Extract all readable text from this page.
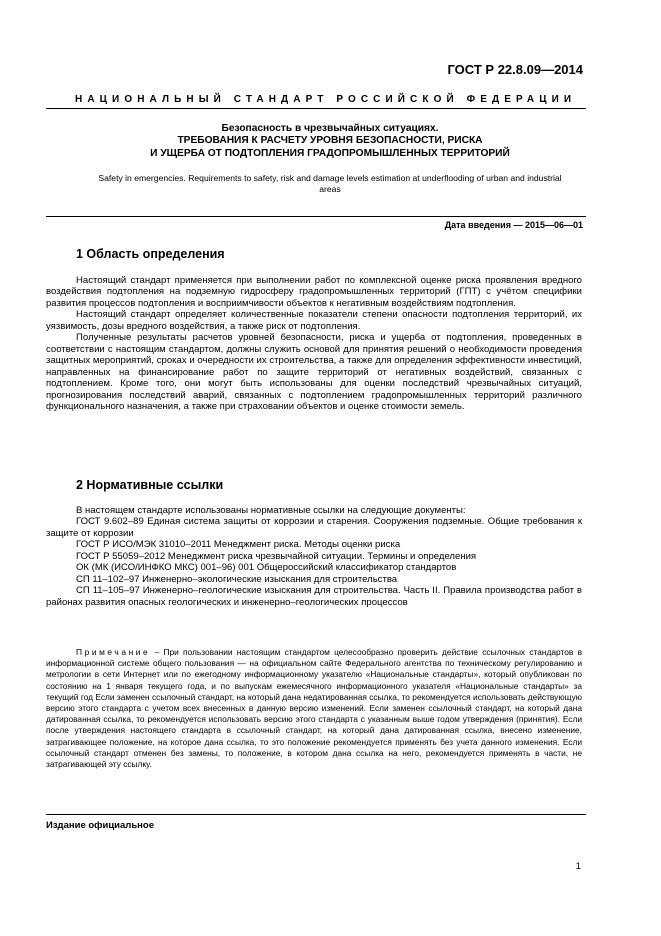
ГОСТ Р 22.8.09—2014
НАЦИОНАЛЬНЫЙ СТАНДАРТ РОССИЙСКОЙ ФЕДЕРАЦИИ
Безопасность в чрезвычайных ситуациях.
ТРЕБОВАНИЯ К РАСЧЕТУ УРОВНЯ БЕЗОПАСНОСТИ, РИСКА
И УЩЕРБА ОТ ПОДТОПЛЕНИЯ ГРАДОПРОМЫШЛЕННЫХ ТЕРРИТОРИЙ
Safety in emergencies. Requirements to safety, risk and damage levels estimation at underflooding of urban and industrial areas
Дата введения — 2015—06—01
1 Область определения

Настоящий стандарт применяется при выполнении работ по комплексной оценке риска проявления вредного воздействия подтопления на подземную гидросферу градопромышленных территорий (ГПТ) с учётом специфики развития процессов подтопления и восприимчивости объектов к негативным воздействиям подтопления.

Настоящий стандарт определяет количественные показатели степени опасности подтопления территорий, их уязвимость, дозы вредного воздействия, а также риск от подтопления.

Полученные результаты расчетов уровней безопасности, риска и ущерба от подтопления, проведенных в соответствии с настоящим стандартом, должны служить основой для принятия решений о необходимости проведения защитных мероприятий, сроках и очередности их строительства, а также для определения эффективности инвестиций, направленных на финансирование работ по защите территорий от негативных воздействий, связанных с подтоплением. Кроме того, они могут быть использованы для оценки последствий чрезвычайных ситуаций, прогнозирования последствий аварий, связанных с подтоплением градопромышленных территорий различного функционального назначения, а также при страховании объектов и оценке стоимости земель.

2 Нормативные ссылки

В настоящем стандарте использованы нормативные ссылки на следующие документы:

ГОСТ 9.602–89 Единая система защиты от коррозии и старения. Сооружения подземные. Общие требования к защите от коррозии

ГОСТ Р ИСО/МЭК 31010–2011 Менеджмент риска. Методы оценки риска

ГОСТ Р 55059–2012 Менеджмент риска чрезвычайной ситуации. Термины и определения

ОК (МК (ИСО/ИНФКО МКС) 001–96) 001 Общероссийский классификатор стандартов

СП 11–102–97 Инженерно–экологические изыскания для строительства

СП 11–105–97 Инженерно–геологические изыскания для строительства. Часть II. Правила производства работ в районах развития опасных геологических и инженерно–геологических процессов

Примечание – При пользовании настоящим стандартом целесообразно проверить действие ссылочных стандартов в информационной системе общего пользования — на официальном сайте Федерального агентства по техническому регулированию и метрологии в сети Интернет или по ежегодному информационному указателю «Национальные стандарты», который опубликован по состоянию на 1 января текущего года, и по выпускам ежемесячного информационного указателя «Национальные стандарты» за текущий год Если заменен ссылочный стандарт, на который дана недатированная ссылка, то рекомендуется использовать действующую версию этого стандарта с учетом всех внесенных в данную версию изменений. Если заменен ссылочный стандарт, на который дана датированная ссылка, то рекомендуется использовать версию этого стандарта с указанным выше годом утверждения (принятия). Если после утверждения настоящего стандарта в ссылочный стандарт, на который дана датированная ссылка, внесено изменение, затрагивающее положение, на которое дана ссылка, то это положение рекомендуется применять без учета данного изменения. Если ссылочный стандарт отменен без замены, то положение, в котором дана ссылка на него, рекомендуется применять в части, не затрагивающей эту ссылку.
Издание официальное
1
